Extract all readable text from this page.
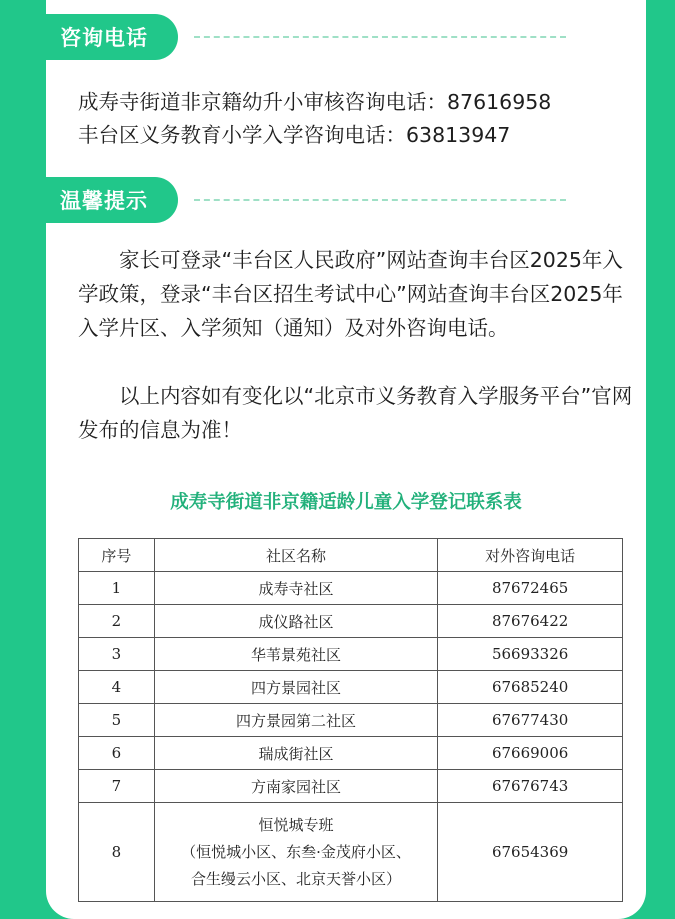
咨询电话
成寿寺街道非京籍幼升小审核咨询电话：87616958
丰台区义务教育小学入学咨询电话：63813947
温馨提示

家长可登录“丰台区人民政府”网站查询丰台区2025年入学政策，登录“丰台区招生考试中心”网站查询丰台区2025年入学片区、入学须知（通知）及对外咨询电话。

以上内容如有变化以“北京市义务教育入学服务平台”官网发布的信息为准！

成寿寺街道非京籍适龄儿童入学登记联系表
序号	社区名称	对外咨询电话
1	成寿寺社区	87672465
2	成仪路社区	87676422
3	华苇景苑社区	56693326
4	四方景园社区	67685240
5	四方景园第二社区	67677430
6	瑞成街社区	67669006
7	方南家园社区	67676743
8	恒悦城专班
（恒悦城小区、东叁·金茂府小区、
合生缦云小区、北京天誉小区）	67654369
